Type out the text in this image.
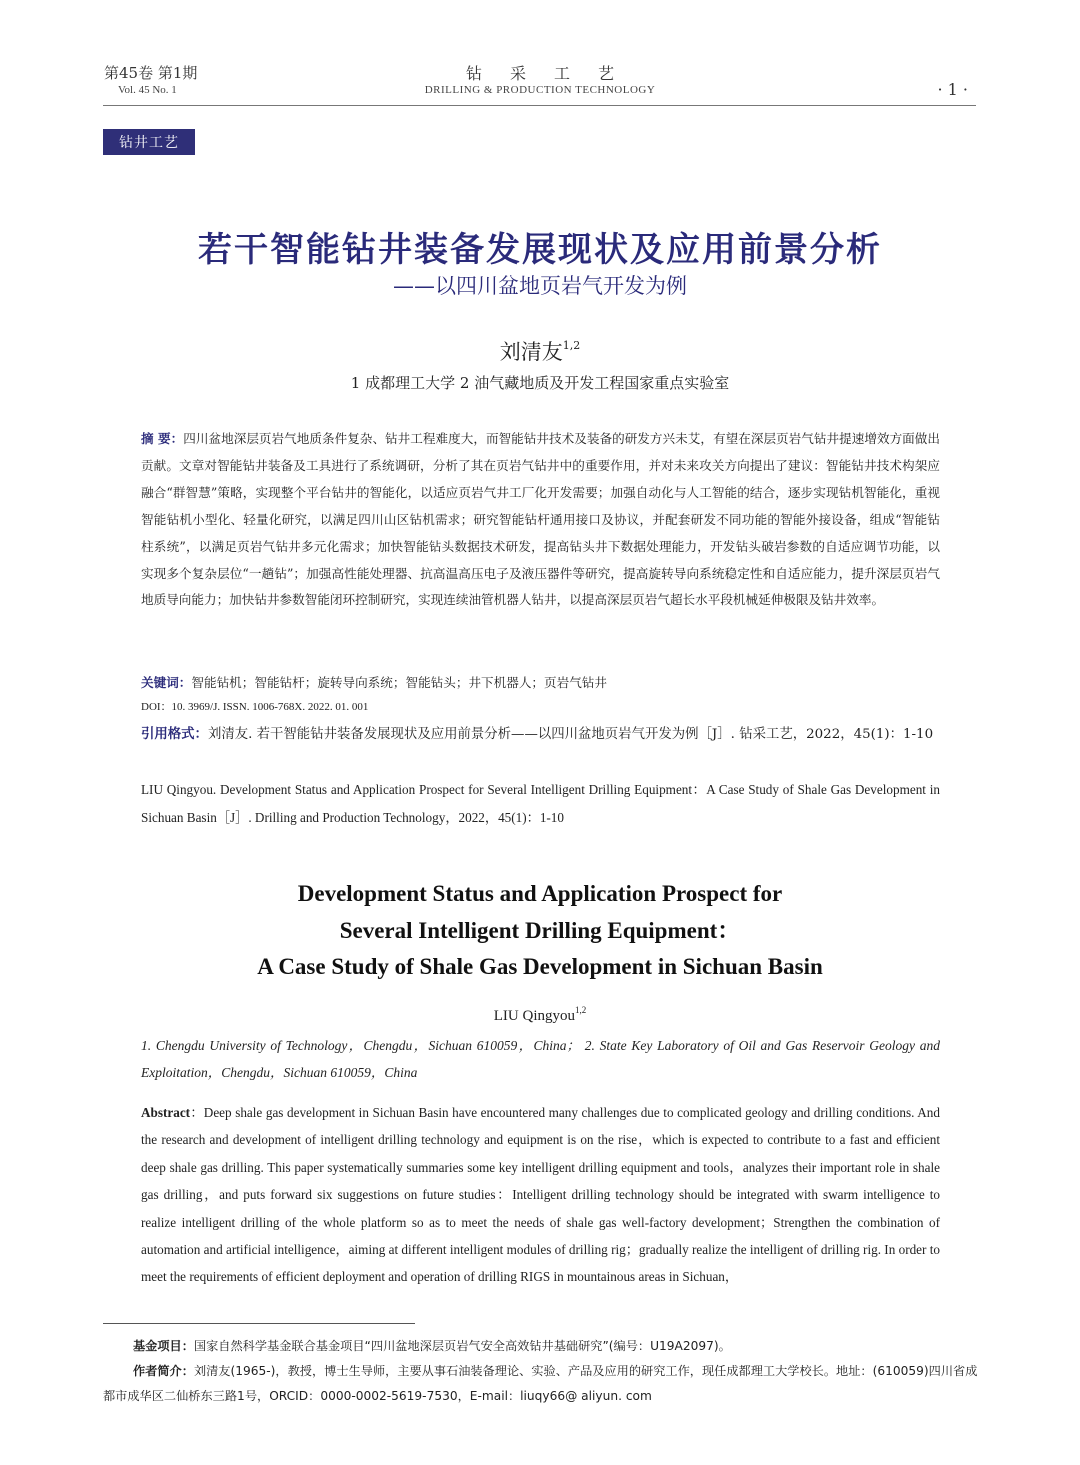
第45卷 第1期
Vol. 45 No. 1
钻采工艺
DRILLING & PRODUCTION TECHNOLOGY	· 1 ·
钻井工艺
若干智能钻井装备发展现状及应用前景分析
——以四川盆地页岩气开发为例
刘清友$^{1,2}$
1 成都理工大学 2 油气藏地质及开发工程国家重点实验室
摘 要：四川盆地深层页岩气地质条件复杂、钻井工程难度大，而智能钻井技术及装备的研发方兴未艾，有望在深层页岩气钻井提速增效方面做出贡献。文章对智能钻井装备及工具进行了系统调研，分析了其在页岩气钻井中的重要作用，并对未来攻关方向提出了建议：智能钻井技术构架应融合“群智慧”策略，实现整个平台钻井的智能化，以适应页岩气井工厂化开发需要；加强自动化与人工智能的结合，逐步实现钻机智能化，重视智能钻机小型化、轻量化研究，以满足四川山区钻机需求；研究智能钻杆通用接口及协议，并配套研发不同功能的智能外接设备，组成“智能钻柱系统”，以满足页岩气钻井多元化需求；加快智能钻头数据技术研发，提高钻头井下数据处理能力，开发钻头破岩参数的自适应调节功能，以实现多个复杂层位“一趟钻”；加强高性能处理器、抗高温高压电子及液压器件等研究，提高旋转导向系统稳定性和自适应能力，提升深层页岩气地质导向能力；加快钻井参数智能闭环控制研究，实现连续油管机器人钻井，以提高深层页岩气超长水平段机械延伸极限及钻井效率。
关键词：智能钻机；智能钻杆；旋转导向系统；智能钻头；井下机器人；页岩气钻井
DOI：10. 3969/J. ISSN. 1006-768X. 2022. 01. 001
引用格式：刘清友. 若干智能钻井装备发展现状及应用前景分析——以四川盆地页岩气开发为例［J］. 钻采工艺，2022，45(1)：1-10
LIU Qingyou. Development Status and Application Prospect for Several Intelligent Drilling Equipment：A Case Study of Shale Gas Development in Sichuan Basin［J］. Drilling and Production Technology，2022，45(1)：1-10
Development Status and Application Prospect for
Several Intelligent Drilling Equipment：
A Case Study of Shale Gas Development in Sichuan Basin
LIU Qingyou$^{1,2}$
1. Chengdu University of Technology，Chengdu，Sichuan 610059，China； 2. State Key Laboratory of Oil and Gas Reservoir Geology and Exploitation，Chengdu，Sichuan 610059，China
Abstract：Deep shale gas development in Sichuan Basin have encountered many challenges due to complicated geology and drilling conditions. And the research and development of intelligent drilling technology and equipment is on the rise，which is expected to contribute to a fast and efficient deep shale gas drilling. This paper systematically summaries some key intelligent drilling equipment and tools，analyzes their important role in shale gas drilling，and puts forward six suggestions on future studies：Intelligent drilling technology should be integrated with swarm intelligence to realize intelligent drilling of the whole platform so as to meet the needs of shale gas well-factory development；Strengthen the combination of automation and artificial intelligence，aiming at different intelligent modules of drilling rig；gradually realize the intelligent of drilling rig. In order to meet the requirements of efficient deployment and operation of drilling RIGS in mountainous areas in Sichuan，
基金项目：国家自然科学基金联合基金项目“四川盆地深层页岩气安全高效钻井基础研究”(编号：U19A2097)。
作者简介：刘清友(1965-)，教授，博士生导师，主要从事石油装备理论、实验、产品及应用的研究工作，现任成都理工大学校长。地址：(610059)四川省成都市成华区二仙桥东三路1号，ORCID：0000-0002-5619-7530，E-mail：liuqy66@ aliyun. com
